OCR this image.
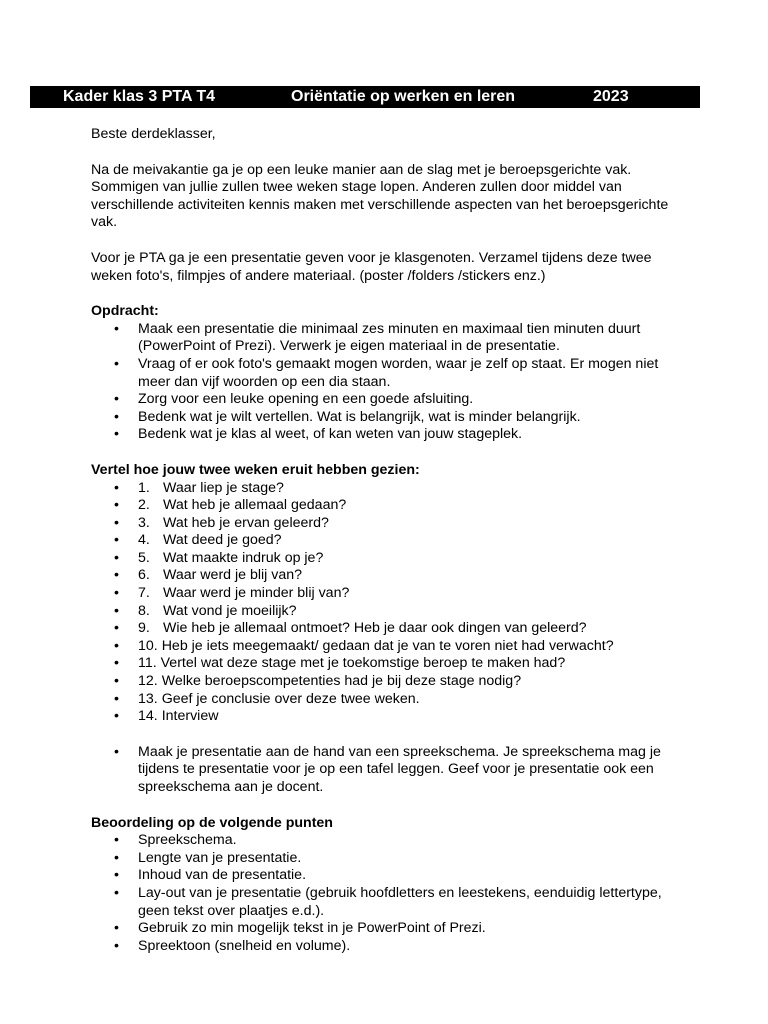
Kader klas 3 PTA T4	Oriëntatie op werken en leren	2023

Beste derdeklasser,

Na de meivakantie ga je op een leuke manier aan de slag met je beroepsgerichte vak. Sommigen van jullie zullen twee weken stage lopen. Anderen zullen door middel van verschillende activiteiten kennis maken met verschillende aspecten van het beroepsgerichte vak.

Voor je PTA ga je een presentatie geven voor je klasgenoten. Verzamel tijdens deze twee weken foto's, filmpjes of andere materiaal. (poster /folders /stickers enz.)

Opdracht:

• Maak een presentatie die minimaal zes minuten en maximaal tien minuten duurt (PowerPoint of Prezi). Verwerk je eigen materiaal in de presentatie.
• Vraag of er ook foto's gemaakt mogen worden, waar je zelf op staat. Er mogen niet meer dan vijf woorden op een dia staan.
• Zorg voor een leuke opening en een goede afsluiting.
• Bedenk wat je wilt vertellen. Wat is belangrijk, wat is minder belangrijk.
• Bedenk wat je klas al weet, of kan weten van jouw stageplek.

Vertel hoe jouw twee weken eruit hebben gezien:

• 1. Waar liep je stage?
• 2. Wat heb je allemaal gedaan?
• 3. Wat heb je ervan geleerd?
• 4. Wat deed je goed?
• 5. Wat maakte indruk op je?
• 6. Waar werd je blij van?
• 7. Waar werd je minder blij van?
• 8. Wat vond je moeilijk?
• 9. Wie heb je allemaal ontmoet? Heb je daar ook dingen van geleerd?
• 10. Heb je iets meegemaakt/ gedaan dat je van te voren niet had verwacht?
• 11. Vertel wat deze stage met je toekomstige beroep te maken had?
• 12. Welke beroepscompetenties had je bij deze stage nodig?
• 13. Geef je conclusie over deze twee weken.
• 14. Interview
• Maak je presentatie aan de hand van een spreekschema. Je spreekschema mag je tijdens te presentatie voor je op een tafel leggen. Geef voor je presentatie ook een spreekschema aan je docent.

Beoordeling op de volgende punten

• Spreekschema.
• Lengte van je presentatie.
• Inhoud van de presentatie.
• Lay-out van je presentatie (gebruik hoofdletters en leestekens, eenduidig lettertype, geen tekst over plaatjes e.d.).
• Gebruik zo min mogelijk tekst in je PowerPoint of Prezi.
• Spreektoon (snelheid en volume).
